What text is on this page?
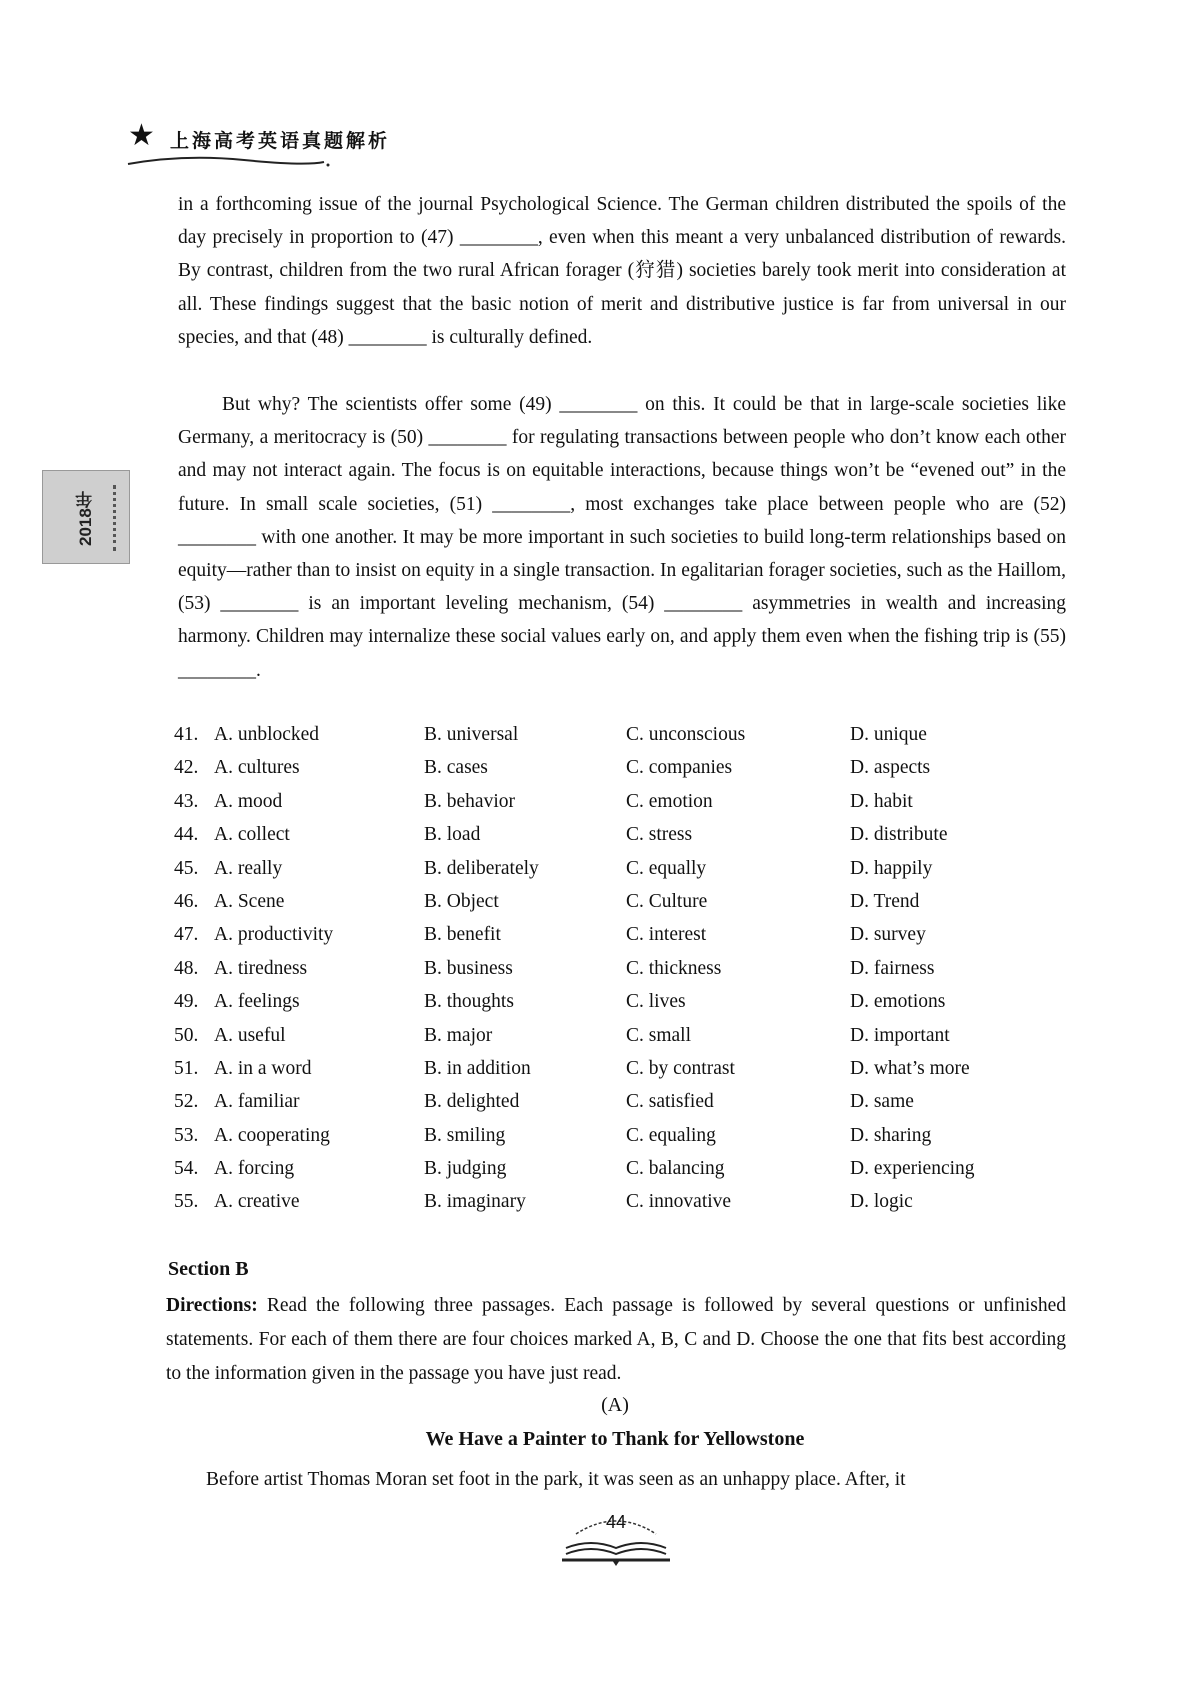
★ 上海高考英语真题解析
2018年

in a forthcoming issue of the journal Psychological Science. The German children distributed the spoils of the day precisely in proportion to (47) ________, even when this meant a very unbalanced distribution of rewards. By contrast, children from the two rural African forager (狩猎) societies barely took merit into consideration at all. These findings suggest that the basic notion of merit and distributive justice is far from universal in our species, and that (48) ________ is culturally defined.

But why? The scientists offer some (49) ________ on this. It could be that in large-scale societies like Germany, a meritocracy is (50) ________ for regulating transactions between people who don’t know each other and may not interact again. The focus is on equitable interactions, because things won’t be “evened out” in the future. In small scale societies, (51) ________, most exchanges take place between people who are (52) ________ with one another. It may be more important in such societies to build long-term relationships based on equity—rather than to insist on equity in a single transaction. In egalitarian forager societies, such as the Haillom, (53) ________ is an important leveling mechanism, (54) ________ asymmetries in wealth and increasing harmony. Children may internalize these social values early on, and apply them even when the fishing trip is (55) ________.

41. A. unblocked	B. universal	C. unconscious	D. unique
42. A. cultures	B. cases	C. companies	D. aspects
43. A. mood	B. behavior	C. emotion	D. habit
44. A. collect	B. load	C. stress	D. distribute
45. A. really	B. deliberately	C. equally	D. happily
46. A. Scene	B. Object	C. Culture	D. Trend
47. A. productivity	B. benefit	C. interest	D. survey
48. A. tiredness	B. business	C. thickness	D. fairness
49. A. feelings	B. thoughts	C. lives	D. emotions
50. A. useful	B. major	C. small	D. important
51. A. in a word	B. in addition	C. by contrast	D. what’s more
52. A. familiar	B. delighted	C. satisfied	D. same
53. A. cooperating	B. smiling	C. equaling	D. sharing
54. A. forcing	B. judging	C. balancing	D. experiencing
55. A. creative	B. imaginary	C. innovative	D. logic

Section B

Directions: Read the following three passages. Each passage is followed by several questions or unfinished statements. For each of them there are four choices marked A, B, C and D. Choose the one that fits best according to the information given in the passage you have just read.

(A)

We Have a Painter to Thank for Yellowstone

Before artist Thomas Moran set foot in the park, it was seen as an unhappy place. After, it

44
